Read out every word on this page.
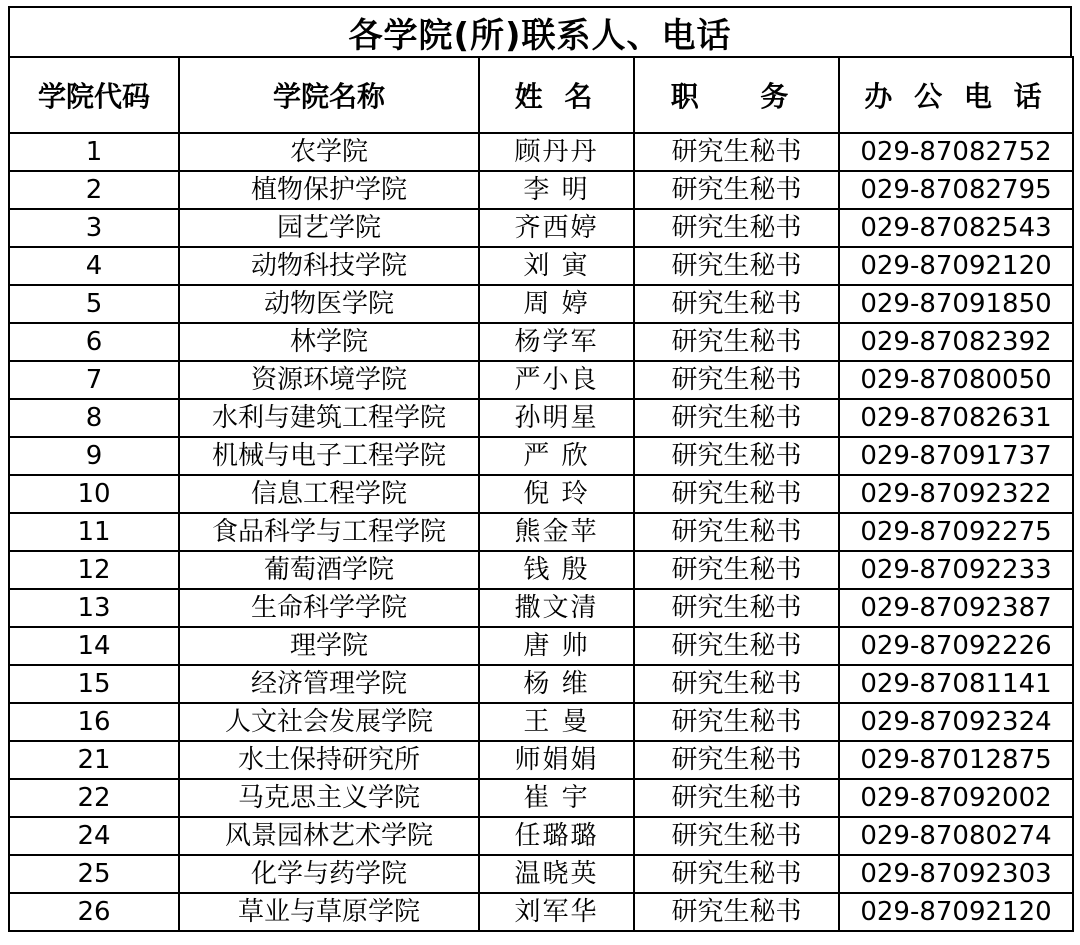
各学院(所)联系人、电话
学院代码	学院名称	姓 名	职  务	办 公 电 话
1	农学院	顾丹丹	研究生秘书	029-87082752
2	植物保护学院	李 明	研究生秘书	029-87082795
3	园艺学院	齐西婷	研究生秘书	029-87082543
4	动物科技学院	刘 寅	研究生秘书	029-87092120
5	动物医学院	周 婷	研究生秘书	029-87091850
6	林学院	杨学军	研究生秘书	029-87082392
7	资源环境学院	严小良	研究生秘书	029-87080050
8	水利与建筑工程学院	孙明星	研究生秘书	029-87082631
9	机械与电子工程学院	严 欣	研究生秘书	029-87091737
10	信息工程学院	倪 玲	研究生秘书	029-87092322
11	食品科学与工程学院	熊金苹	研究生秘书	029-87092275
12	葡萄酒学院	钱 殷	研究生秘书	029-87092233
13	生命科学学院	撒文清	研究生秘书	029-87092387
14	理学院	唐 帅	研究生秘书	029-87092226
15	经济管理学院	杨 维	研究生秘书	029-87081141
16	人文社会发展学院	王 曼	研究生秘书	029-87092324
21	水土保持研究所	师娟娟	研究生秘书	029-87012875
22	马克思主义学院	崔 宇	研究生秘书	029-87092002
24	风景园林艺术学院	任璐璐	研究生秘书	029-87080274
25	化学与药学院	温晓英	研究生秘书	029-87092303
26	草业与草原学院	刘军华	研究生秘书	029-87092120
